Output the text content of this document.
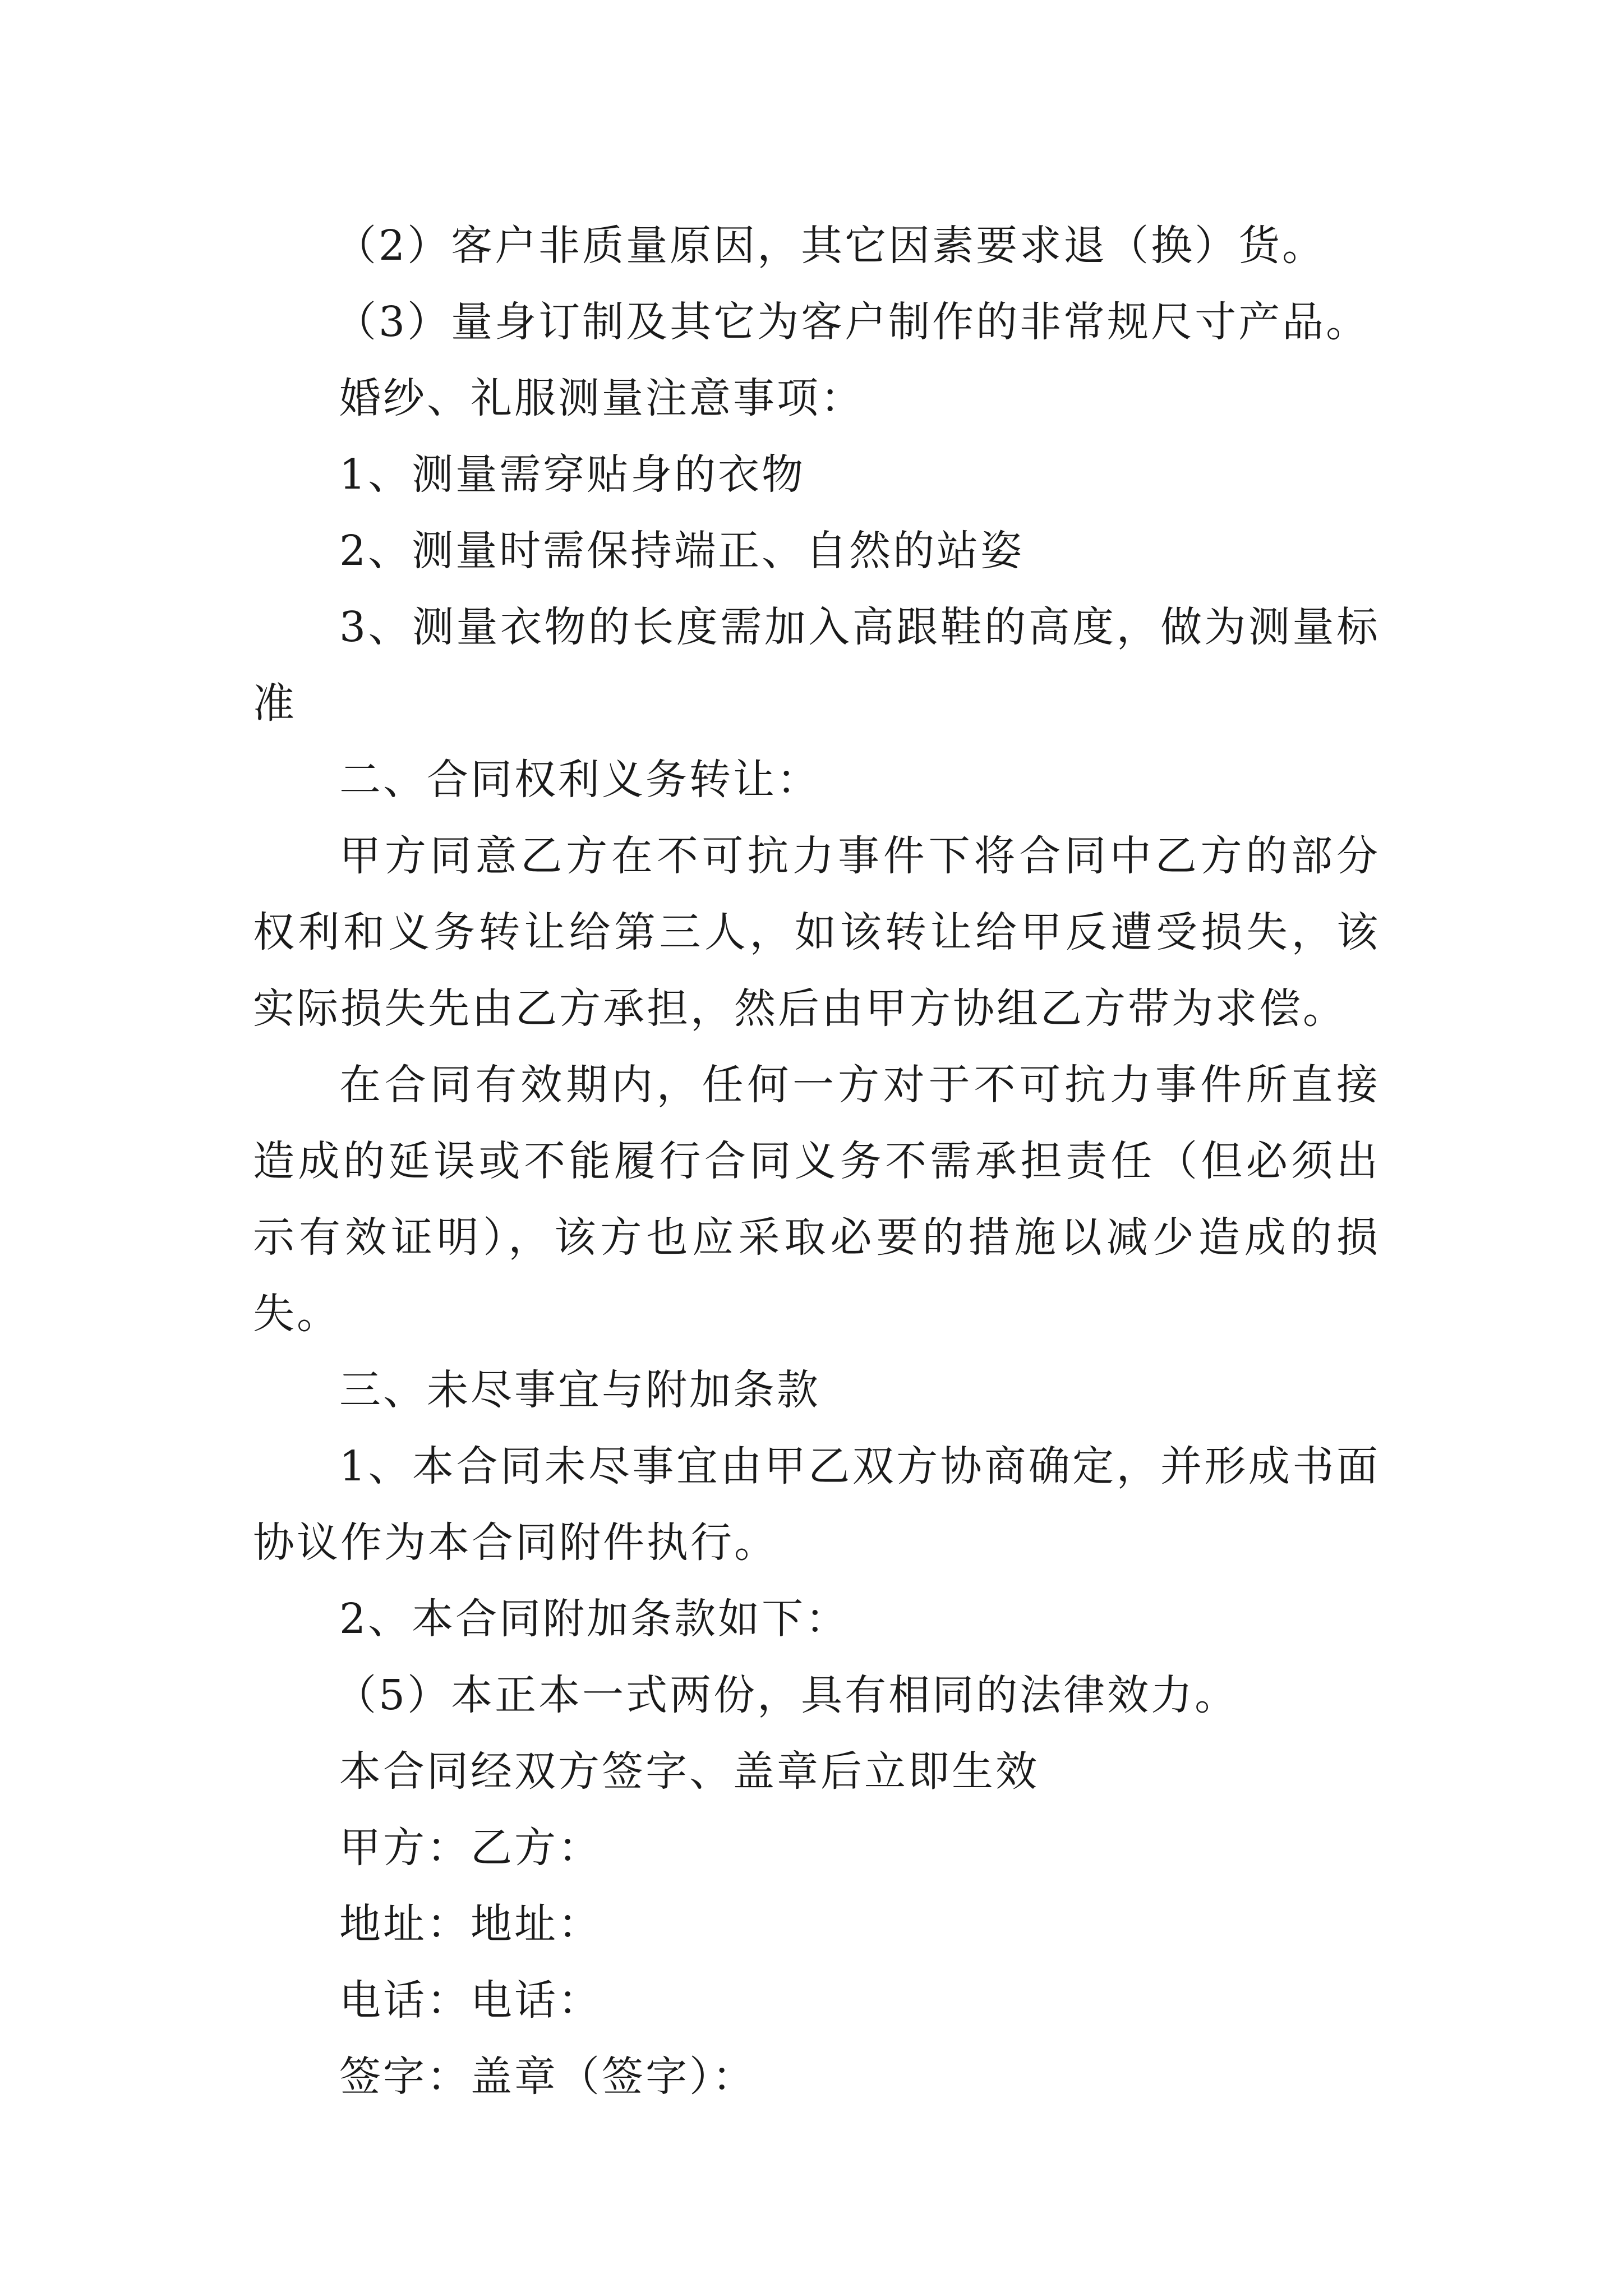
（2）客户非质量原因，其它因素要求退（换）货。
（3）量身订制及其它为客户制作的非常规尺寸产品。
婚纱、礼服测量注意事项：
1、测量需穿贴身的衣物
2、测量时需保持端正、自然的站姿

3、测量衣物的长度需加入高跟鞋的高度，做为测量标准

二、合同权利义务转让：

甲方同意乙方在不可抗力事件下将合同中乙方的部分权利和义务转让给第三人，如该转让给甲反遭受损失，该实际损失先由乙方承担，然后由甲方协组乙方带为求偿。

在合同有效期内，任何一方对于不可抗力事件所直接造成的延误或不能履行合同义务不需承担责任（但必须出示有效证明），该方也应采取必要的措施以减少造成的损失。

三、未尽事宜与附加条款

1、本合同未尽事宜由甲乙双方协商确定，并形成书面协议作为本合同附件执行。

2、本合同附加条款如下：
（5）本正本一式两份，具有相同的法律效力。
本合同经双方签字、盖章后立即生效
甲方：乙方：
地址：地址：
电话：电话：
签字：盖章（签字）：
